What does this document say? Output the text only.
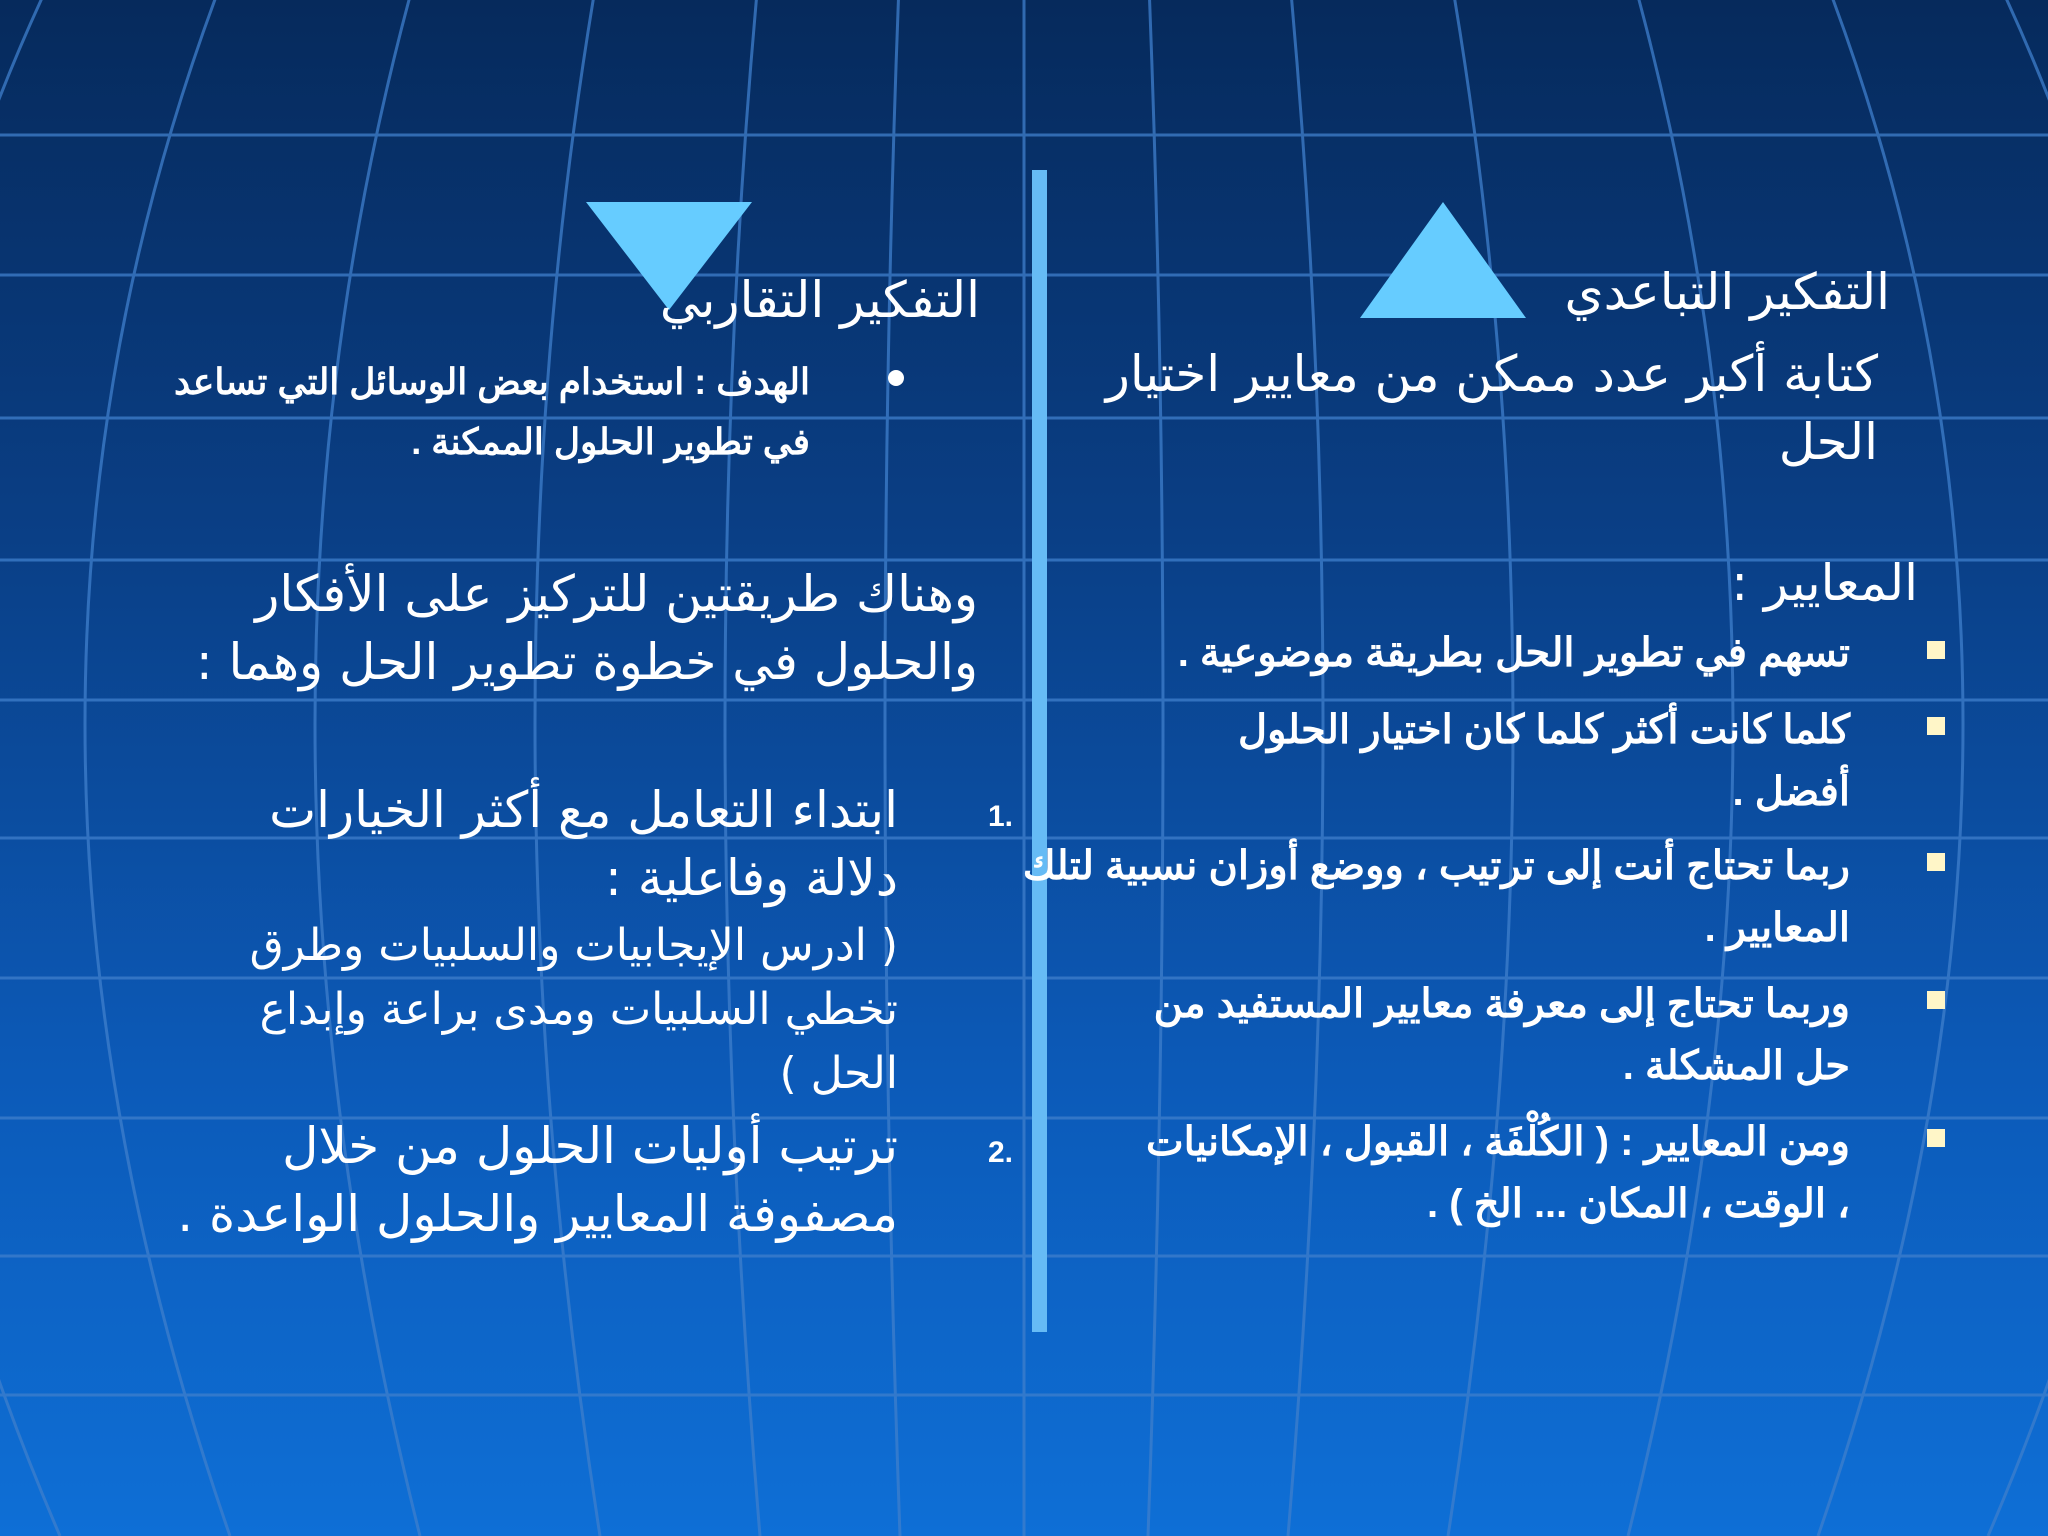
التفكير التباعدي
كتابة أكبر عدد ممكن من معايير اختيار الحل
المعايير :
تسهم في تطوير الحل بطريقة موضوعية .
كلما كانت أكثر كلما كان اختيار الحلول أفضل .
ربما تحتاج أنت إلى ترتيب ، ووضع أوزان نسبية لتلك المعايير .
وربما تحتاج إلى معرفة معايير المستفيد من حل المشكلة .
ومن المعايير : ( الكُلْفَة ، القبول ، الإمكانيات ، الوقت ، المكان ... الخ ) .
التفكير التقاربي
الهدف : استخدام بعض الوسائل التي تساعد في تطوير الحلول الممكنة .
وهناك طريقتين للتركيز على الأفكار والحلول في خطوة تطوير الحل وهما :
1.
ابتداء التعامل مع أكثر الخيارات دلالة وفاعلية :
( ادرس الإيجابيات والسلبيات وطرق تخطي السلبيات ومدى براعة وإبداع الحل )
2.
ترتيب أوليات الحلول من خلال مصفوفة المعايير والحلول الواعدة .
